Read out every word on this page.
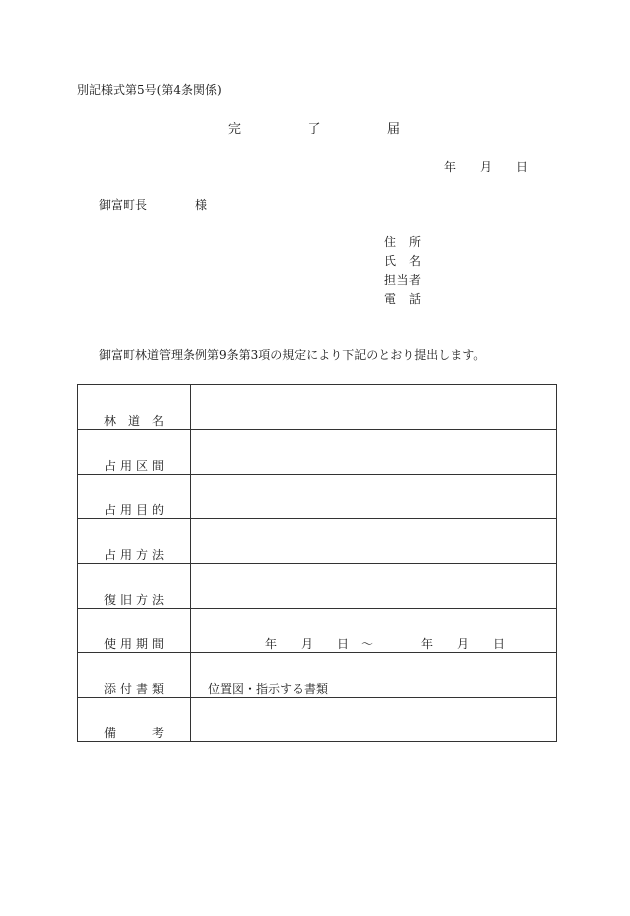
別記様式第5号(第4条関係)
完	了	届
年 月 日
御富町長	様
住 所
氏 名
担 当 者
電 話
御富町林道管理条例第9条第3項の規定により下記のとおり提出します。
林 道 名
占 用 区 間
占 用 目 的
占 用 方 法
復 旧 方 法
使 用 期 間	年　　月　　日　〜　　　　年　　月　　日
添 付 書 類	位置図・指示する書類
備	考
